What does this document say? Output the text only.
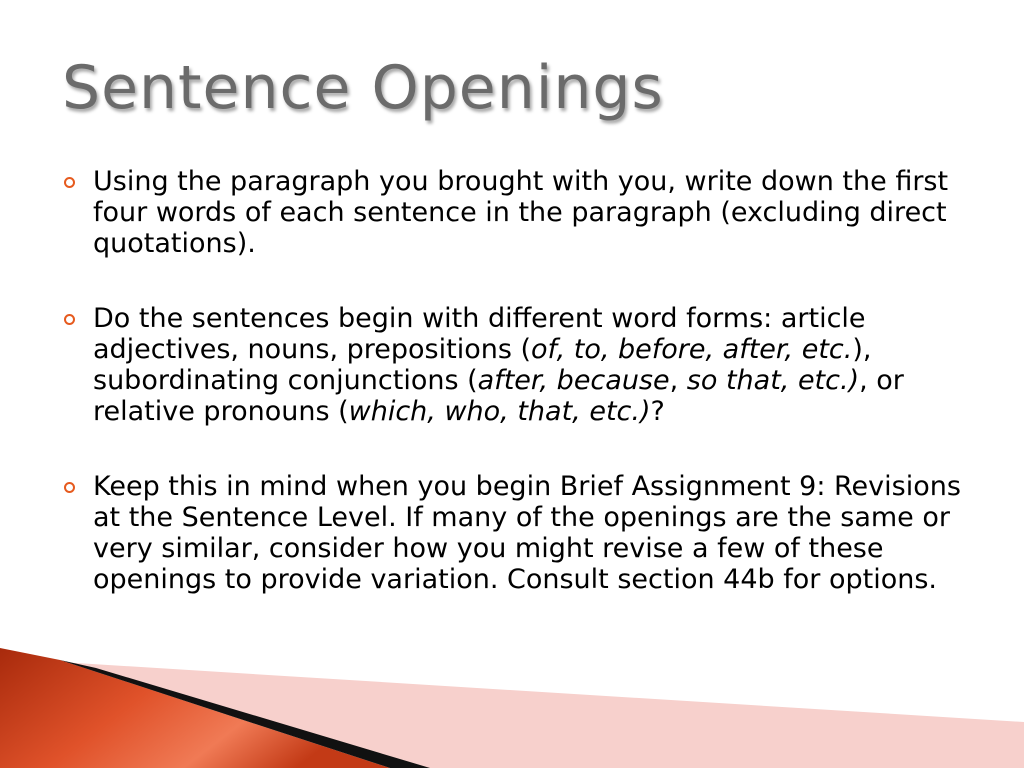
Sentence Openings
Using the paragraph you brought with you, write down the first four words of each sentence in the paragraph (excluding direct quotations).
Do the sentences begin with different word forms: article adjectives, nouns, prepositions (of, to, before, after, etc.), subordinating conjunctions (after, because, so that, etc.), or relative pronouns (which, who, that, etc.)?
Keep this in mind when you begin Brief Assignment 9: Revisions at the Sentence Level. If many of the openings are the same or very similar, consider how you might revise a few of these openings to provide variation. Consult section 44b for options.
